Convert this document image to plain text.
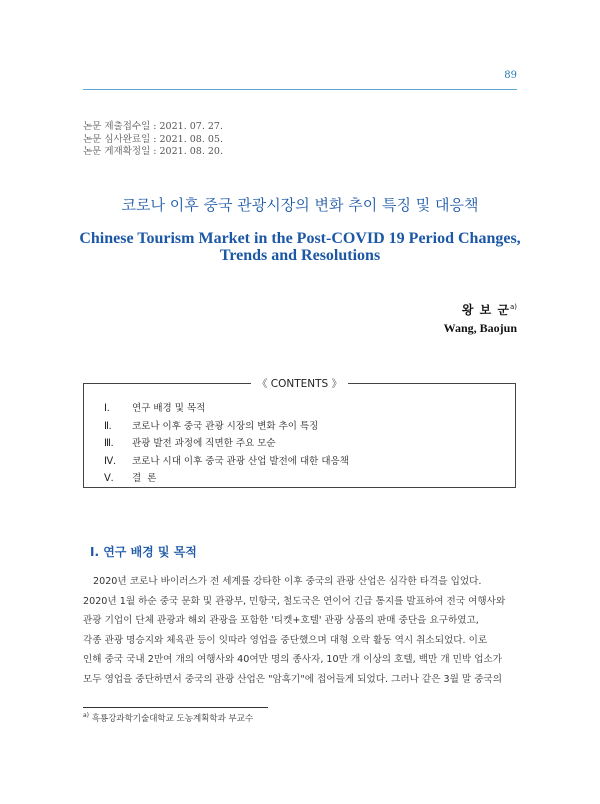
89
논문 제출접수일 : 2021. 07. 27.
논문 심사완료일 : 2021. 08. 05.
논문 게재확정일 : 2021. 08. 20.
코로나 이후 중국 관광시장의 변화 추이 특징 및 대응책
Chinese Tourism Market in the Post-COVID 19 Period Changes,
Trends and Resolutions
왕 보 군$^{a)}$
Wang, Baojun
《 CONTENTS 》
Ⅰ. 연구 배경 및 목적
Ⅱ. 코로나 이후 중국 관광 시장의 변화 추이 특징
Ⅲ. 관광 발전 과정에 직면한 주요 모순
Ⅳ. 코로나 시대 이후 중국 관광 산업 발전에 대한 대응책
Ⅴ. 결  론
Ⅰ. 연구 배경 및 목적
2020년 코로나 바이러스가 전 세계를 강타한 이후 중국의 관광 산업은 심각한 타격을 입었다.
2020년 1월 하순 중국 문화 및 관광부, 민항국, 철도국은 연이어 긴급 통지를 발표하여 전국 여행사와
관광 기업이 단체 관광과 해외 관광을 포함한 '티켓+호텔' 관광 상품의 판매 중단을 요구하였고,
각종 관광 명승지와 체육관 등이 잇따라 영업을 중단했으며 대형 오락 활동 역시 취소되었다. 이로
인해 중국 국내 2만여 개의 여행사와 40여만 명의 종사자, 10만 개 이상의 호텔, 백만 개 민박 업소가
모두 영업을 중단하면서 중국의 관광 산업은 "암흑기"에 접어들게 되었다. 그러나 같은 3월 말 중국의
$^{a)}$ 흑룡강과학기술대학교 도농계획학과 부교수
